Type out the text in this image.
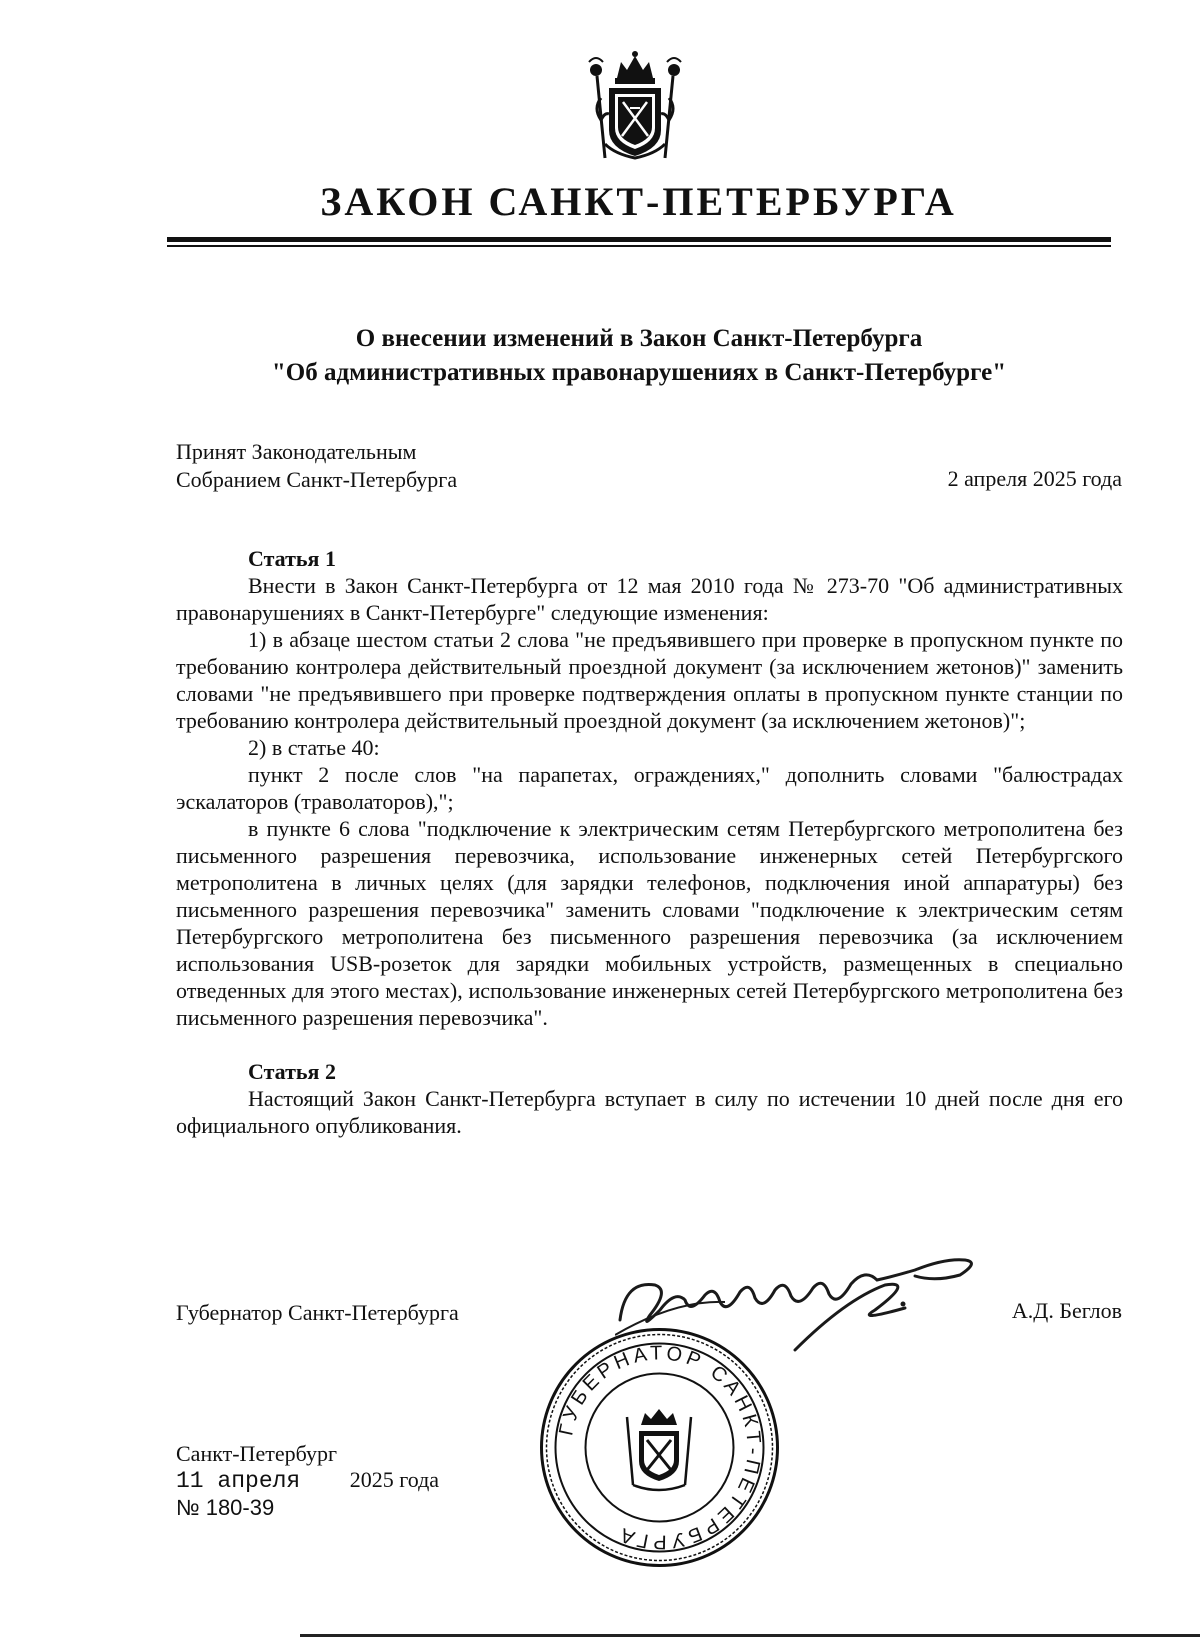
ЗАКОН САНКТ-ПЕТЕРБУРГА
О внесении изменений в Закон Санкт-Петербурга
"Об административных правонарушениях в Санкт-Петербурге"
Принят Законодательным
Собранием Санкт-Петербурга	2 апреля 2025 года
Статья 1

Внести в Закон Санкт-Петербурга от 12 мая 2010 года № 273-70 "Об административных правонарушениях в Санкт-Петербурге" следующие изменения:

1) в абзаце шестом статьи 2 слова "не предъявившего при проверке в пропускном пункте по требованию контролера действительный проездной документ (за исключением жетонов)" заменить словами "не предъявившего при проверке подтверждения оплаты в пропускном пункте станции по требованию контролера действительный проездной документ (за исключением жетонов)";

2) в статье 40:

пункт 2 после слов "на парапетах, ограждениях," дополнить словами "балюстрадах эскалаторов (траволаторов),";

в пункте 6 слова "подключение к электрическим сетям Петербургского метрополитена без письменного разрешения перевозчика, использование инженерных сетей Петербургского метрополитена в личных целях (для зарядки телефонов, подключения иной аппаратуры) без письменного разрешения перевозчика" заменить словами "подключение к электрическим сетям Петербургского метрополитена без письменного разрешения перевозчика (за исключением использования USB-розеток для зарядки мобильных устройств, размещенных в специально отведенных для этого местах), использование инженерных сетей Петербургского метрополитена без письменного разрешения перевозчика".

Статья 2

Настоящий Закон Санкт-Петербурга вступает в силу по истечении 10 дней после дня его официального опубликования.

Губернатор Санкт-Петербурга	А.Д. Беглов
ГУБЕРНАТОР САНКТ-ПЕТЕРБУРГА
Санкт-Петербург
11 апреля 2025 года
№ 180-39
